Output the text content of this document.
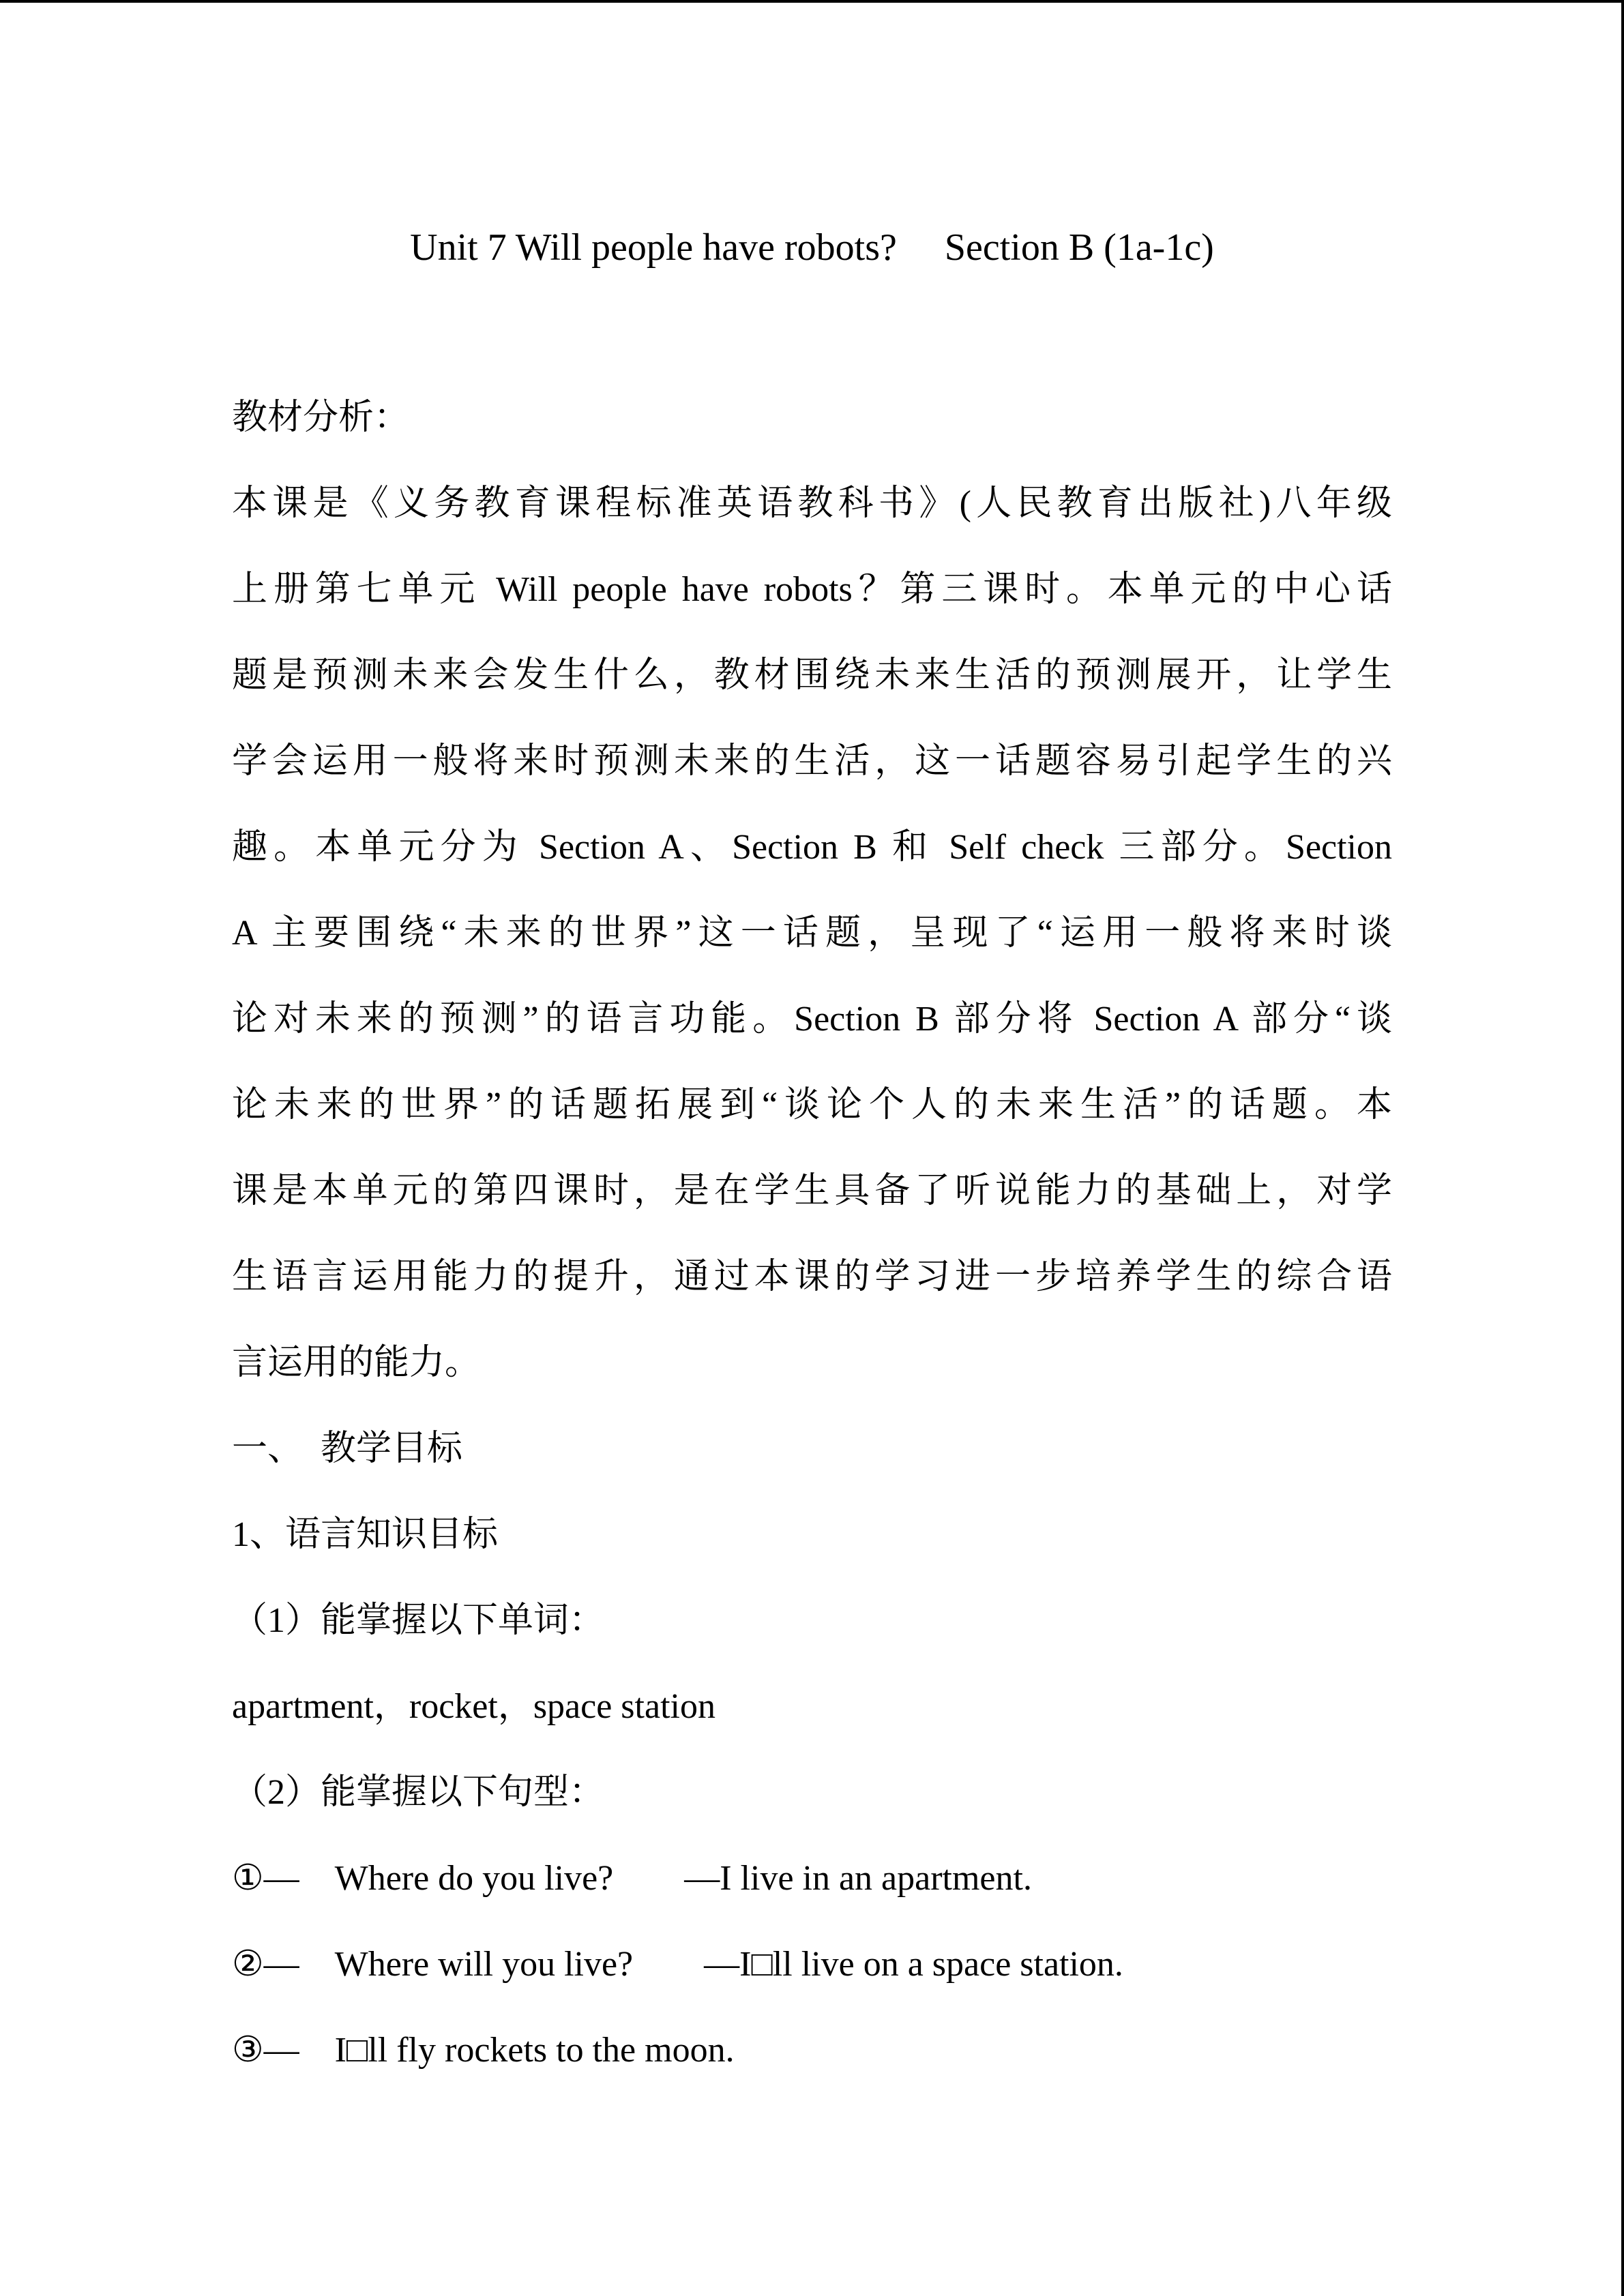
Unit 7 Will people have robots?　 Section B (1a-1c)
教材分析：
本课是《义务教育课程标准英语教科书》(人民教育出版社)八年级
上册第七单元 Will people have robots？第三课时。本单元的中心话
题是预测未来会发生什么，教材围绕未来生活的预测展开，让学生
学会运用一般将来时预测未来的生活，这一话题容易引起学生的兴
趣。本单元分为 Section A、Section B 和 Self check 三部分。Section
A 主要围绕“未来的世界”这一话题，呈现了“运用一般将来时谈
论对未来的预测”的语言功能。Section B 部分将 Section A 部分“谈
论未来的世界”的话题拓展到“谈论个人的未来生活”的话题。本
课是本单元的第四课时，是在学生具备了听说能力的基础上，对学
生语言运用能力的提升，通过本课的学习进一步培养学生的综合语
言运用的能力。
一、　教学目标
1、语言知识目标
（1）能掌握以下单词：
apartment，rocket，space station
（2）能掌握以下句型：
①—　Where do you live?　　—I live in an apartment.
②—　Where will you live?　　—I□ll live on a space station.
③—　I□ll fly rockets to the moon.
